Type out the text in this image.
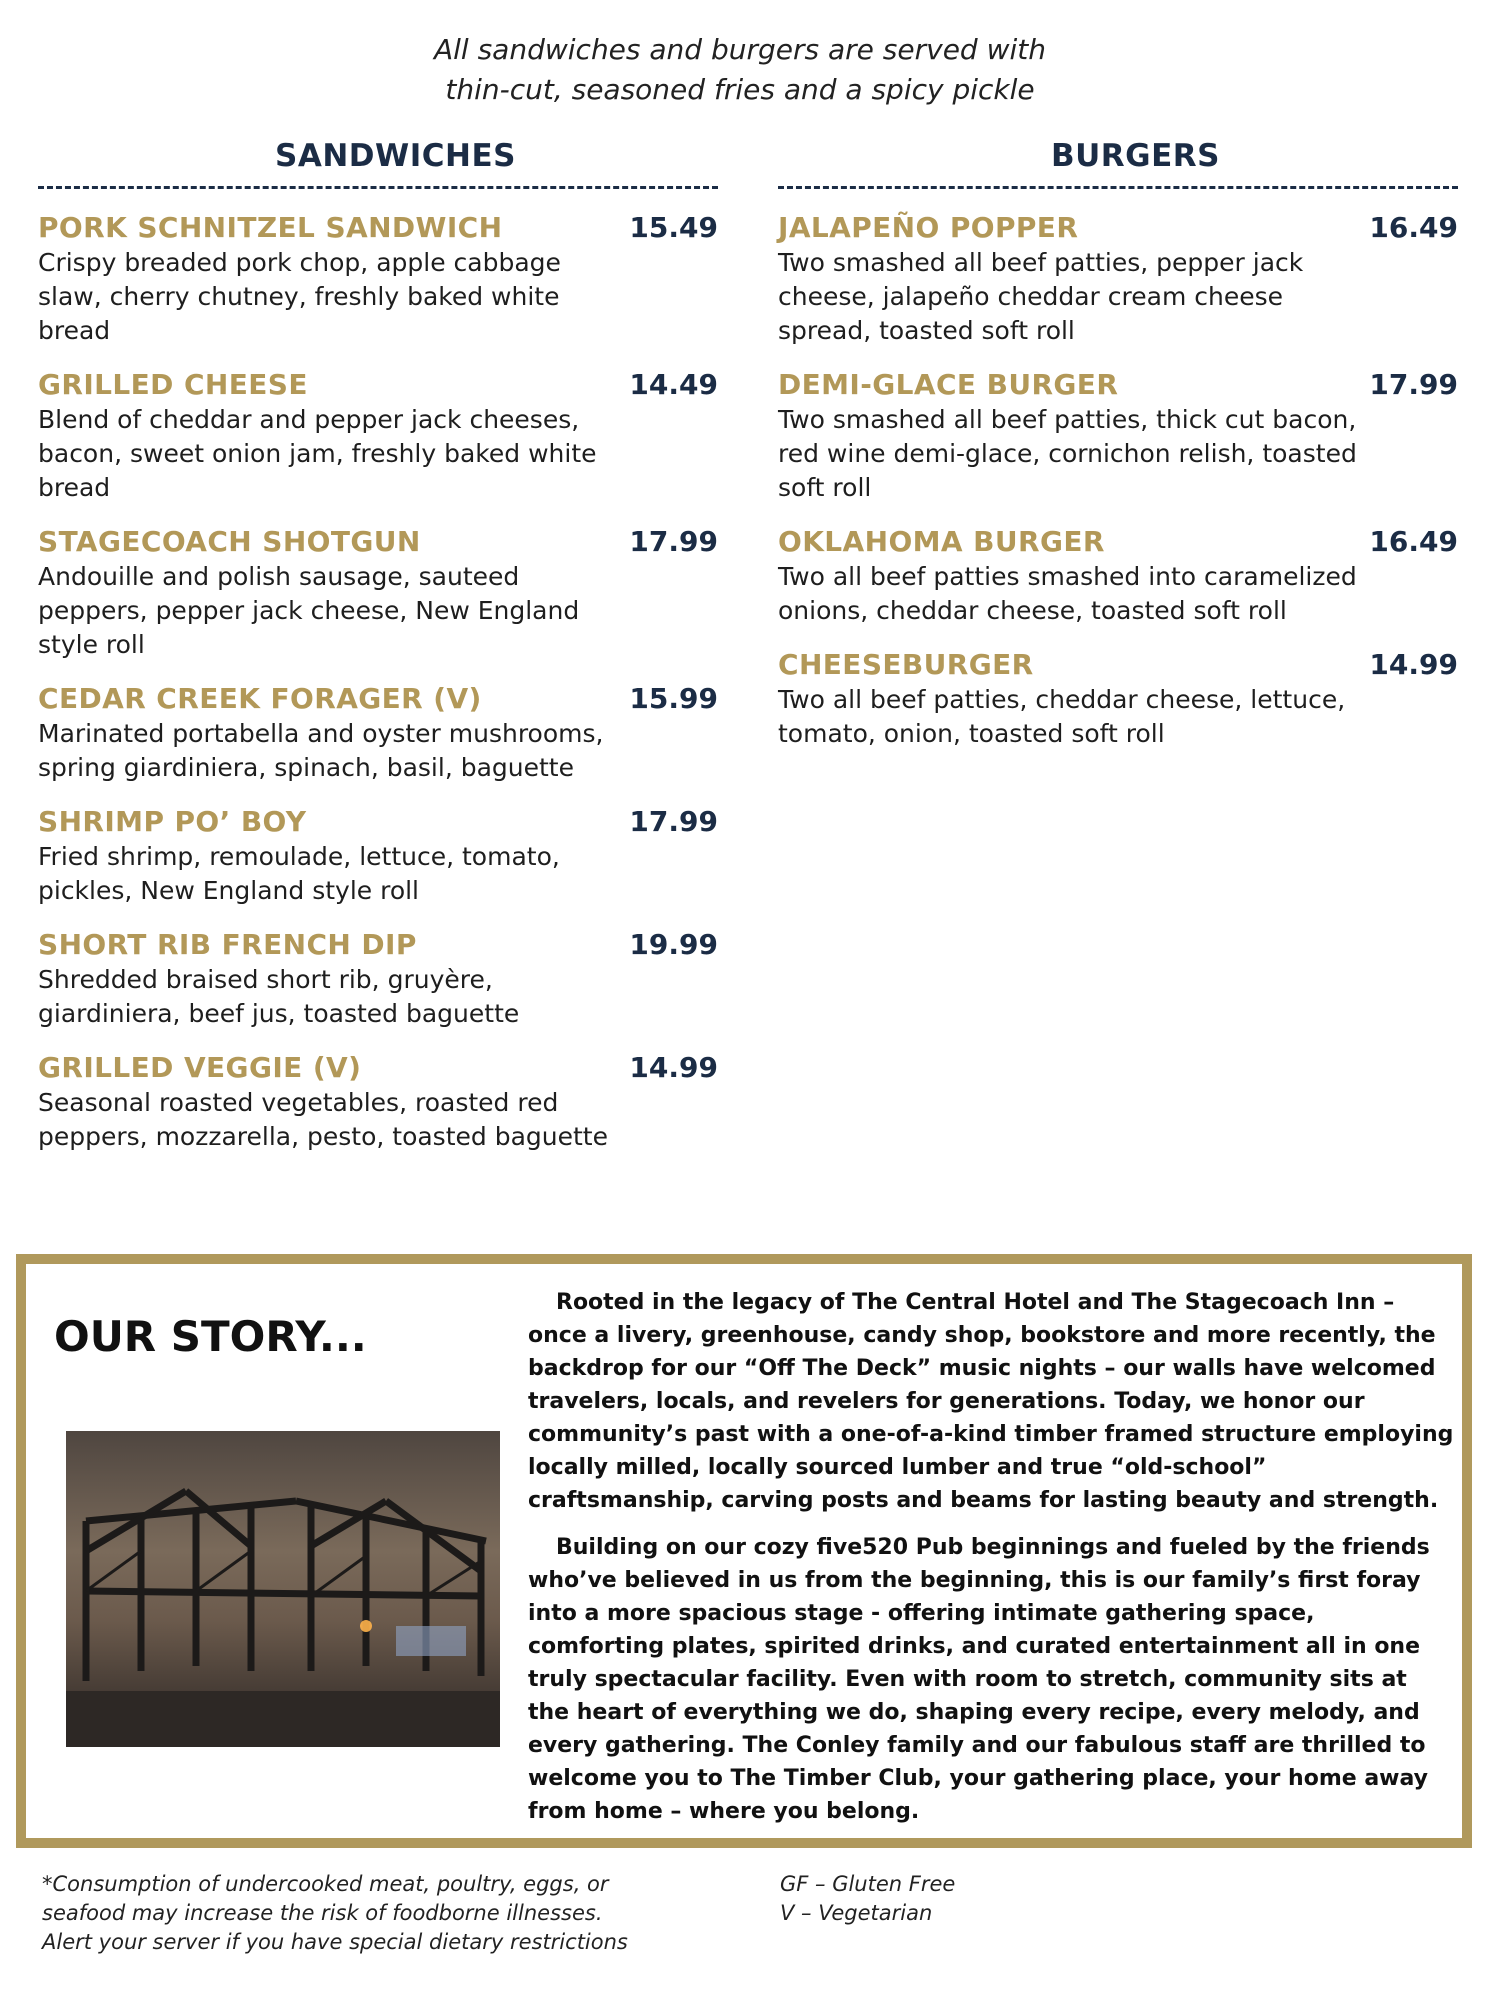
All sandwiches and burgers are served with
thin-cut, seasoned fries and a spicy pickle
SANDWICHES
PORK SCHNITZEL SANDWICH	15.49
Crispy breaded pork chop, apple cabbage slaw, cherry chutney, freshly baked white bread
GRILLED CHEESE	14.49
Blend of cheddar and pepper jack cheeses, bacon, sweet onion jam, freshly baked white bread
STAGECOACH SHOTGUN	17.99
Andouille and polish sausage, sauteed peppers, pepper jack cheese, New England style roll
CEDAR CREEK FORAGER (V)	15.99
Marinated portabella and oyster mushrooms, spring giardiniera, spinach, basil, baguette
SHRIMP PO’ BOY	17.99
Fried shrimp, remoulade, lettuce, tomato, pickles, New England style roll
SHORT RIB FRENCH DIP	19.99
Shredded braised short rib, gruyère, giardiniera, beef jus, toasted baguette
GRILLED VEGGIE (V)	14.99
Seasonal roasted vegetables, roasted red peppers, mozzarella, pesto, toasted baguette
BURGERS
JALAPEÑO POPPER	16.49
Two smashed all beef patties, pepper jack cheese, jalapeño cheddar cream cheese spread, toasted soft roll
DEMI-GLACE BURGER	17.99
Two smashed all beef patties, thick cut bacon, red wine demi-glace, cornichon relish, toasted soft roll
OKLAHOMA BURGER	16.49
Two all beef patties smashed into caramelized onions, cheddar cheese, toasted soft roll
CHEESEBURGER	14.99
Two all beef patties, cheddar cheese, lettuce, tomato, onion, toasted soft roll
OUR STORY...

Rooted in the legacy of The Central Hotel and The Stagecoach Inn – once a livery, greenhouse, candy shop, bookstore and more recently, the backdrop for our “Off The Deck” music nights – our walls have welcomed travelers, locals, and revelers for generations. Today, we honor our community’s past with a one-of-a-kind timber framed structure employing locally milled, locally sourced lumber and true “old-school” craftsmanship, carving posts and beams for lasting beauty and strength.

Building on our cozy five520 Pub beginnings and fueled by the friends who’ve believed in us from the beginning, this is our family’s first foray into a more spacious stage - offering intimate gathering space, comforting plates, spirited drinks, and curated entertainment all in one truly spectacular facility. Even with room to stretch, community sits at the heart of everything we do, shaping every recipe, every melody, and every gathering. The Conley family and our fabulous staff are thrilled to welcome you to The Timber Club, your gathering place, your home away from home – where you belong.

*Consumption of undercooked meat, poultry, eggs, or
seafood may increase the risk of foodborne illnesses.
Alert your server if you have special dietary restrictions
GF – Gluten Free
V – Vegetarian
